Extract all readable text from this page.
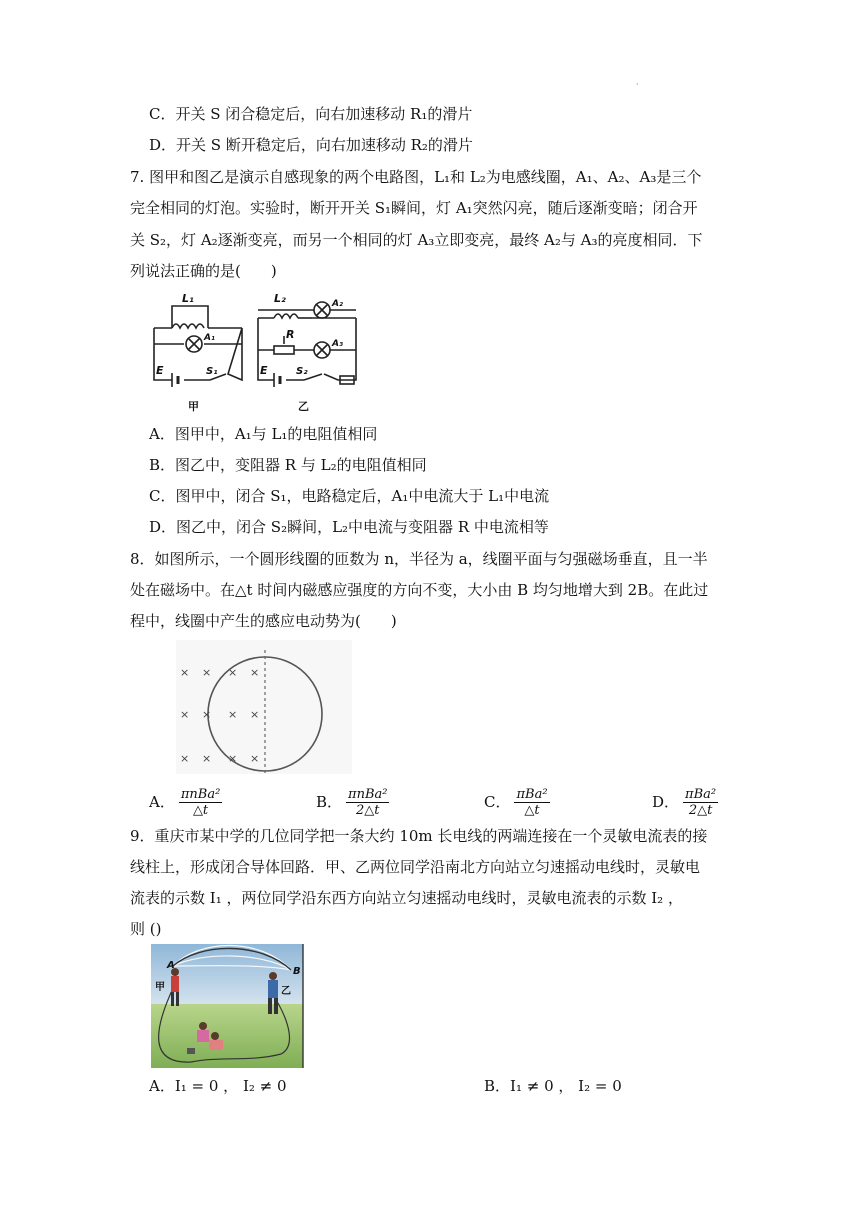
·
C．开关 S 闭合稳定后，向右加速移动 R₁的滑片
D．开关 S 断开稳定后，向右加速移动 R₂的滑片
7. 图甲和图乙是演示自感现象的两个电路图，L₁和 L₂为电感线圈，A₁、A₂、A₃是三个
完全相同的灯泡。实验时，断开开关 S₁瞬间，灯 A₁突然闪亮，随后逐渐变暗；闭合开
关 S₂，灯 A₂逐渐变亮，而另一个相同的灯 A₃立即变亮，最终 A₂与 A₃的亮度相同．下
列说法正确的是(　　)
L₁
A₁
E	S₁
L₂	A₂
R
A₃
E	S₂
甲	乙
A．图甲中，A₁与 L₁的电阻值相同
B．图乙中，变阻器 R 与 L₂的电阻值相同
C．图甲中，闭合 S₁，电路稳定后，A₁中电流大于 L₁中电流
D．图乙中，闭合 S₂瞬间，L₂中电流与变阻器 R 中电流相等
8．如图所示，一个圆形线圈的匝数为 n，半径为 a，线圈平面与匀强磁场垂直，且一半
处在磁场中。在△t 时间内磁感应强度的方向不变，大小由 B 均匀地增大到 2B。在此过
程中，线圈中产生的感应电动势为(　　)
× × × ×
× × × ×
× × × ×
A． $\frac{\text{πnBa²}}{\triangle t}$	B． $\frac{\text{πnBa²}}{2\triangle t}$	C． $\frac{\text{πBa²}}{\triangle t}$	D． $\frac{\text{πBa²}}{2\triangle t}$
9．重庆市某中学的几位同学把一条大约 10m 长电线的两端连接在一个灵敏电流表的接
线柱上，形成闭合导体回路．甲、乙两位同学沿南北方向站立匀速摇动电线时，灵敏电
流表的示数 I₁ ，两位同学沿东西方向站立匀速摇动电线时，灵敏电流表的示数 I₂ ，
则 ()
A
B
甲	乙
A．I₁ = 0 ， I₂ ≠ 0	B．I₁ ≠ 0 ， I₂ = 0
